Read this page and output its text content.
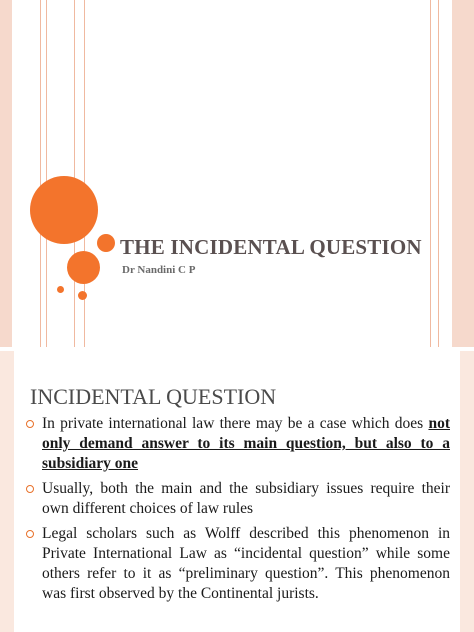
THE INCIDENTAL QUESTION
Dr Nandini C P
INCIDENTAL QUESTION
In private international law there may be a case which does not only demand answer to its main question, but also to a subsidiary one
Usually, both the main and the subsidiary issues require their own different choices of law rules
Legal scholars such as Wolff described this phenomenon in Private International Law as “incidental question” while some others refer to it as “preliminary question”. This phenomenon was first observed by the Continental jurists.
